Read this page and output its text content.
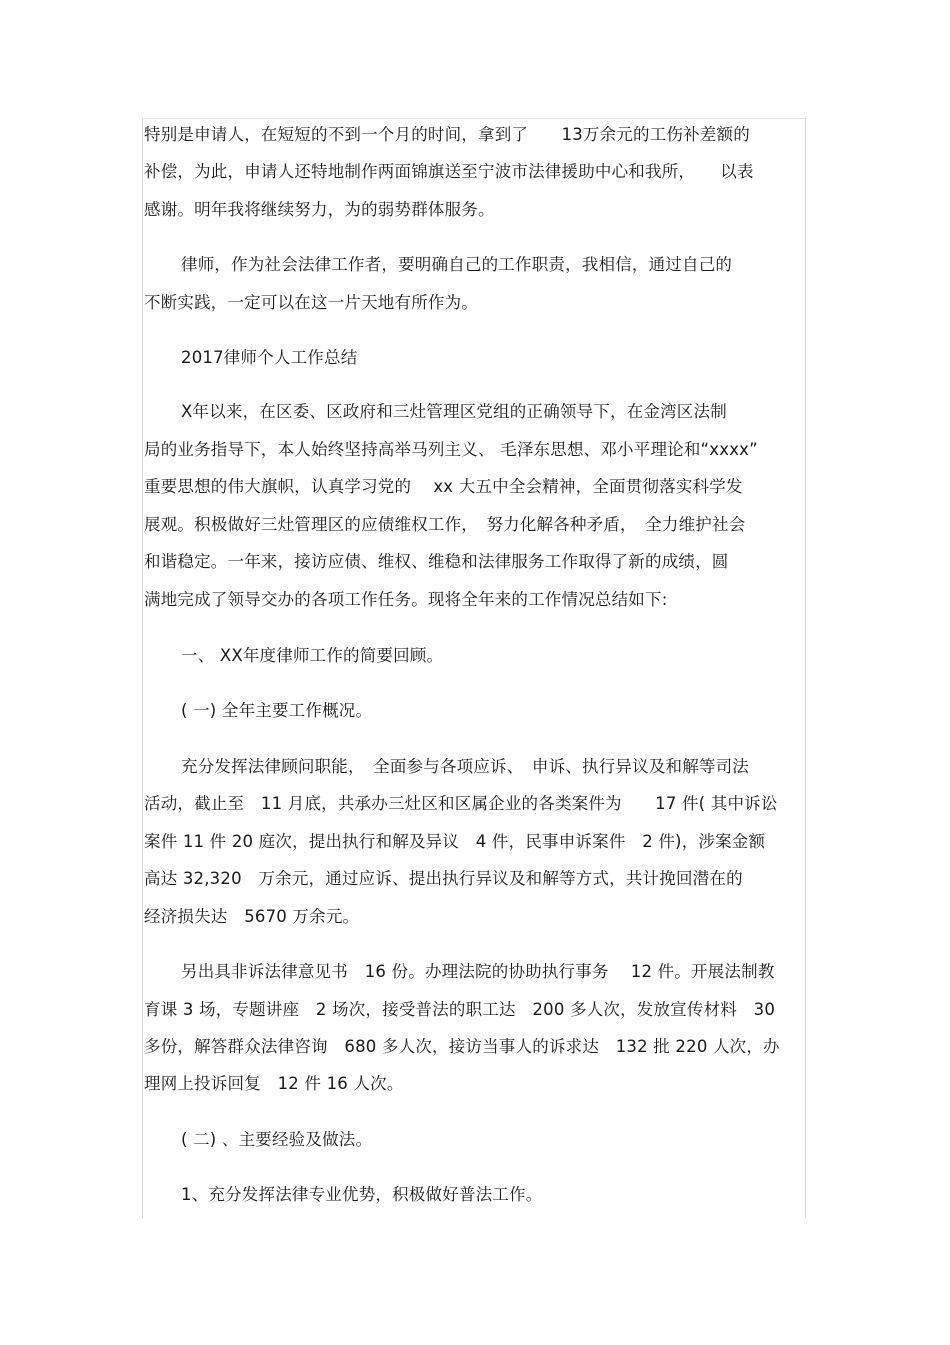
特别是申请人，在短短的不到一个月的时间，拿到了　　13万余元的工伤补差额的
补偿，为此，申请人还特地制作两面锦旗送至宁波市法律援助中心和我所，　　以表
感谢。明年我将继续努力，为的弱势群体服务。
律师，作为社会法律工作者，要明确自己的工作职责，我相信，通过自己的
不断实践，一定可以在这一片天地有所作为。
2017律师个人工作总结
X年以来，在区委、区政府和三灶管理区党组的正确领导下，在金湾区法制
局的业务指导下，本人始终坚持高举马列主义、 毛泽东思想、邓小平理论和“xxxx”
重要思想的伟大旗帜，认真学习党的　 xx 大五中全会精神，全面贯彻落实科学发
展观。积极做好三灶管理区的应债维权工作，　努力化解各种矛盾，　全力维护社会
和谐稳定。一年来，接访应债、维权、维稳和法律服务工作取得了新的成绩，圆
满地完成了领导交办的各项工作任务。现将全年来的工作情况总结如下:
一、 XX年度律师工作的简要回顾。
( 一) 全年主要工作概况。
充分发挥法律顾问职能，　全面参与各项应诉、　申诉、执行异议及和解等司法
活动，截止至　11 月底，共承办三灶区和区属企业的各类案件为　　17 件( 其中诉讼
案件 11 件 20 庭次，提出执行和解及异议　4 件，民事申诉案件　2 件)，涉案金额
高达 32,320　万余元，通过应诉、提出执行异议及和解等方式，共计挽回潜在的
经济损失达　5670 万余元。
另出具非诉法律意见书　16 份。办理法院的协助执行事务　 12 件。开展法制教
育课 3 场，专题讲座　2 场次，接受普法的职工达　200 多人次，发放宣传材料　30
多份，解答群众法律咨询　680 多人次，接访当事人的诉求达　132 批 220 人次，办
理网上投诉回复　12 件 16 人次。
( 二) 、主要经验及做法。
1、充分发挥法律专业优势，积极做好普法工作。
